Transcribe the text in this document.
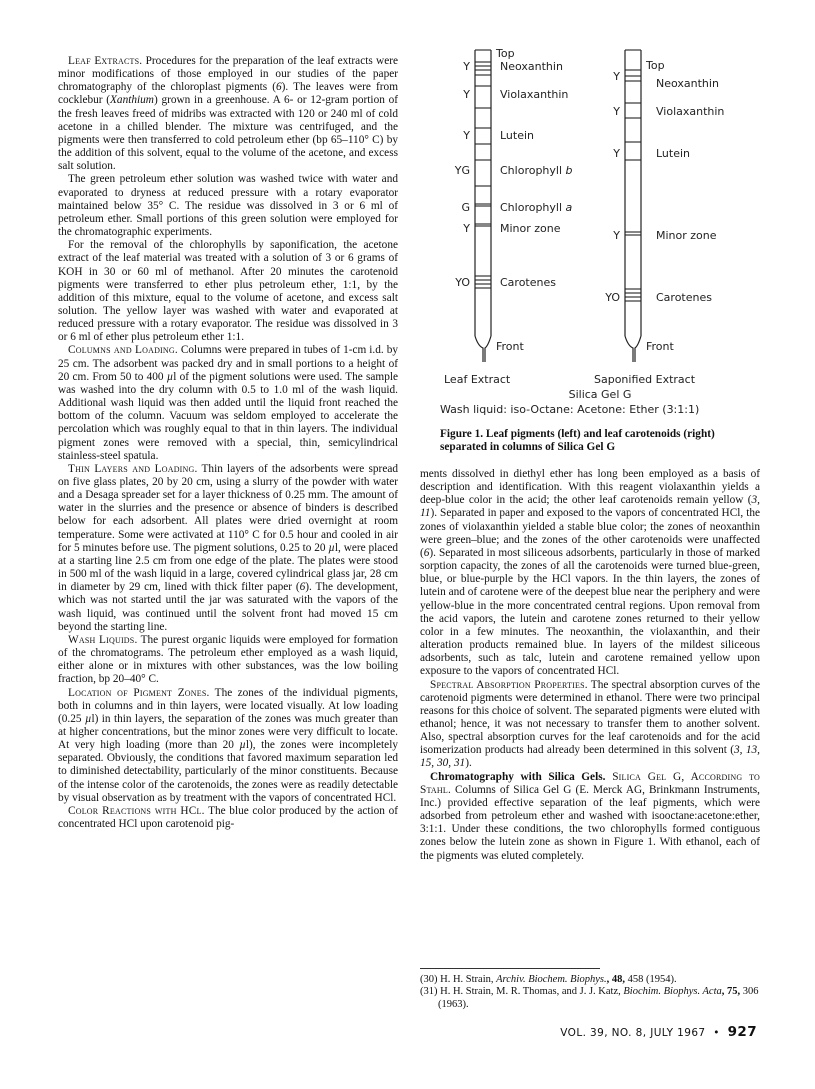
Leaf Extracts. Procedures for the preparation of the leaf extracts were minor modifications of those employed in our studies of the paper chromatography of the chloroplast pigments (6). The leaves were from cocklebur (Xanthium) grown in a greenhouse. A 6- or 12-gram portion of the fresh leaves freed of midribs was extracted with 120 or 240 ml of cold acetone in a chilled blender. The mixture was centrifuged, and the pigments were then transferred to cold petroleum ether (bp 65–110° C) by the addition of this solvent, equal to the volume of the acetone, and excess salt solution.

The green petroleum ether solution was washed twice with water and evaporated to dryness at reduced pressure with a rotary evaporator maintained below 35° C. The residue was dissolved in 3 or 6 ml of petroleum ether. Small portions of this green solution were employed for the chromatographic experiments.

For the removal of the chlorophylls by saponification, the acetone extract of the leaf material was treated with a solution of 3 or 6 grams of KOH in 30 or 60 ml of methanol. After 20 minutes the carotenoid pigments were transferred to ether plus petroleum ether, 1:1, by the addition of this mixture, equal to the volume of acetone, and excess salt solution. The yellow layer was washed with water and evaporated at reduced pressure with a rotary evaporator. The residue was dissolved in 3 or 6 ml of ether plus petroleum ether 1:1.

Columns and Loading. Columns were prepared in tubes of 1-cm i.d. by 25 cm. The adsorbent was packed dry and in small portions to a height of 20 cm. From 50 to 400 µl of the pigment solutions were used. The sample was washed into the dry column with 0.5 to 1.0 ml of the wash liquid. Additional wash liquid was then added until the liquid front reached the bottom of the column. Vacuum was seldom employed to accelerate the percolation which was roughly equal to that in thin layers. The individual pigment zones were removed with a special, thin, semicylindrical stainless-steel spatula.

Thin Layers and Loading. Thin layers of the adsorbents were spread on five glass plates, 20 by 20 cm, using a slurry of the powder with water and a Desaga spreader set for a layer thickness of 0.25 mm. The amount of water in the slurries and the presence or absence of binders is described below for each adsorbent. All plates were dried overnight at room temperature. Some were activated at 110° C for 0.5 hour and cooled in air for 5 minutes before use. The pigment solutions, 0.25 to 20 µl, were placed at a starting line 2.5 cm from one edge of the plate. The plates were stood in 500 ml of the wash liquid in a large, covered cylindrical glass jar, 28 cm in diameter by 29 cm, lined with thick filter paper (6). The development, which was not started until the jar was saturated with the vapors of the wash liquid, was continued until the solvent front had moved 15 cm beyond the starting line.

Wash Liquids. The purest organic liquids were employed for formation of the chromatograms. The petroleum ether employed as a wash liquid, either alone or in mixtures with other substances, was the low boiling fraction, bp 20–40° C.

Location of Pigment Zones. The zones of the individual pigments, both in columns and in thin layers, were located visually. At low loading (0.25 µl) in thin layers, the separation of the zones was much greater than at higher concentrations, but the minor zones were very difficult to locate. At very high loading (more than 20 µl), the zones were incompletely separated. Obviously, the conditions that favored maximum separation led to diminished detectability, particularly of the minor constituents. Because of the intense color of the carotenoids, the zones were as readily detectable by visual observation as by treatment with the vapors of concentrated HCl.

Color Reactions with HCl. The blue color produced by the action of concentrated HCl upon carotenoid pig-

Top
Neoxanthin
Violaxanthin
Lutein
Chlorophyll b
Chlorophyll a
Minor zone
Carotenes
Y
Y
Y
YG
G
Y
YO
Front
Top
Neoxanthin
Violaxanthin
Lutein
Minor zone
Carotenes
Y
Y
Y
Y
YO
Front
Leaf Extract	Saponified Extract
Silica Gel G
Wash liquid: iso-Octane: Acetone: Ether (3:1:1)
Figure 1. Leaf pigments (left) and leaf carotenoids (right) separated in columns of Silica Gel G

ments dissolved in diethyl ether has long been employed as a basis of description and identification. With this reagent violaxanthin yields a deep-blue color in the acid; the other leaf carotenoids remain yellow (3, 11). Separated in paper and exposed to the vapors of concentrated HCl, the zones of violaxanthin yielded a stable blue color; the zones of neoxanthin were green–blue; and the zones of the other carotenoids were unaffected (6). Separated in most siliceous adsorbents, particularly in those of marked sorption capacity, the zones of all the carotenoids were turned blue-green, blue, or blue-purple by the HCl vapors. In the thin layers, the zones of lutein and of carotene were of the deepest blue near the periphery and were yellow-blue in the more concentrated central regions. Upon removal from the acid vapors, the lutein and carotene zones returned to their yellow color in a few minutes. The neoxanthin, the violaxanthin, and their alteration products remained blue. In layers of the mildest siliceous adsorbents, such as talc, lutein and carotene remained yellow upon exposure to the vapors of concentrated HCl.

Spectral Absorption Properties. The spectral absorption curves of the carotenoid pigments were determined in ethanol. There were two principal reasons for this choice of solvent. The separated pigments were eluted with ethanol; hence, it was not necessary to transfer them to another solvent. Also, spectral absorption curves for the leaf carotenoids and for the acid isomerization products had already been determined in this solvent (3, 13, 15, 30, 31).

Chromatography with Silica Gels. Silica Gel G, According to Stahl. Columns of Silica Gel G (E. Merck AG, Brinkmann Instruments, Inc.) provided effective separation of the leaf pigments, which were adsorbed from petroleum ether and washed with isooctane:acetone:ether, 3:1:1. Under these conditions, the two chlorophylls formed contiguous zones below the lutein zone as shown in Figure 1. With ethanol, each of the pigments was eluted completely.

(30) H. H. Strain, Archiv. Biochem. Biophys., 48, 458 (1954).
(31) H. H. Strain, M. R. Thomas, and J. J. Katz, Biochim. Biophys. Acta, 75, 306 (1963).
VOL. 39, NO. 8, JULY 1967 • 927
